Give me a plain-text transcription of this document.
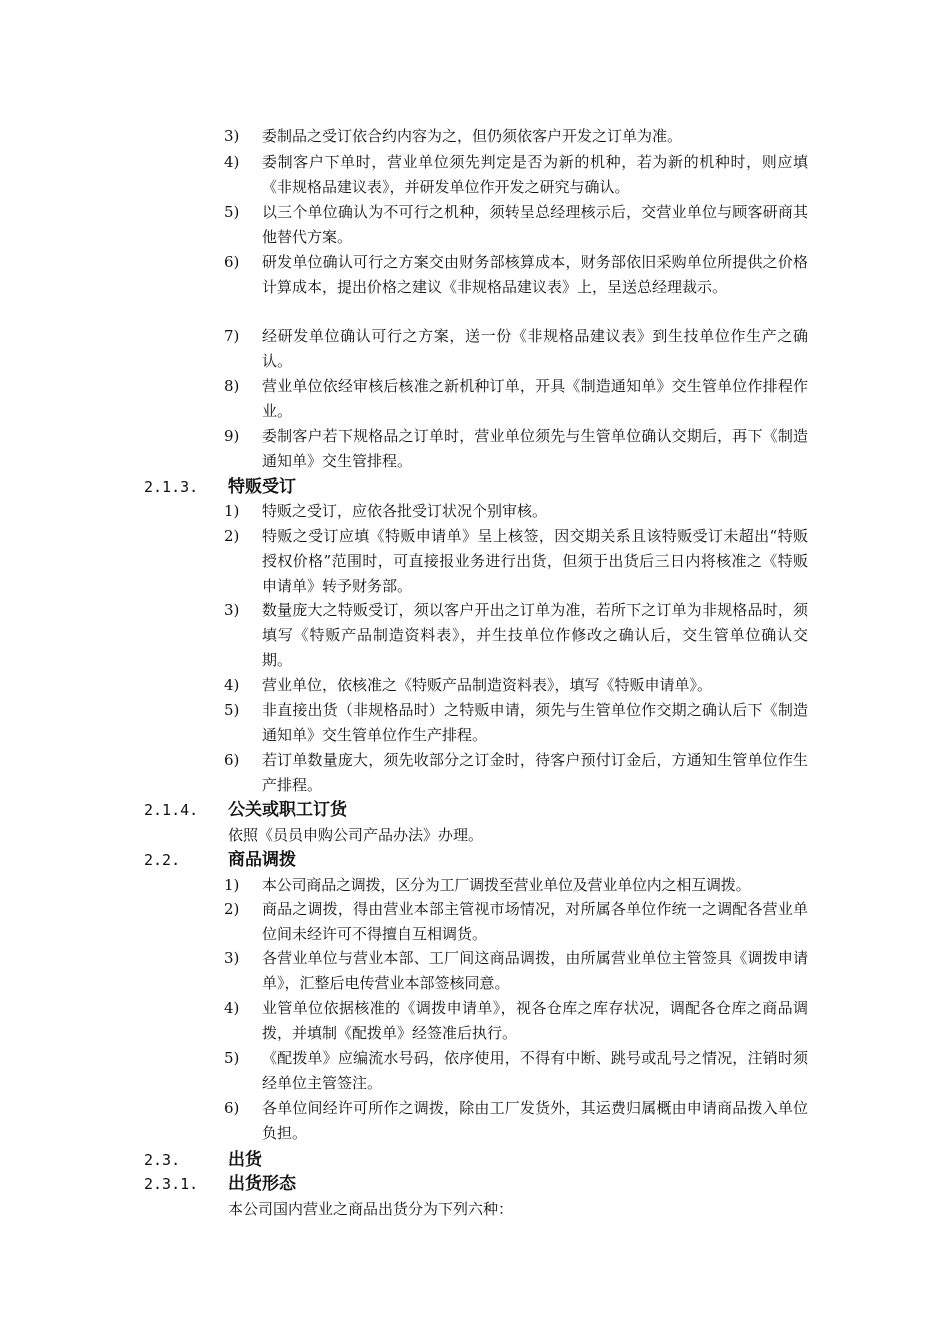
3)	委制品之受订依合约内容为之，但仍须依客户开发之订单为准。
4)	委制客户下单时，营业单位须先判定是否为新的机种，若为新的机种时，则应填《非规格品建议表》，并研发单位作开发之研究与确认。
5)	以三个单位确认为不可行之机种，须转呈总经理核示后，交营业单位与顾客研商其他替代方案。
6)	研发单位确认可行之方案交由财务部核算成本，财务部依旧采购单位所提供之价格计算成本，提出价格之建议《非规格品建议表》上，呈送总经理裁示。
7)	经研发单位确认可行之方案，送一份《非规格品建议表》到生技单位作生产之确认。
8)	营业单位依经审核后核准之新机种订单，开具《制造通知单》交生管单位作排程作业。
9)	委制客户若下规格品之订单时，营业单位须先与生管单位确认交期后，再下《制造通知单》交生管排程。
2.1.3. 特贩受订
1)	特贩之受订，应依各批受订状况个别审核。
2)	特贩之受订应填《特贩申请单》呈上核签，因交期关系且该特贩受订未超出“特贩授权价格”范围时，可直接报业务进行出货，但须于出货后三日内将核准之《特贩申请单》转予财务部。
3)	数量庞大之特贩受订，须以客户开出之订单为准，若所下之订单为非规格品时，须填写《特贩产品制造资料表》，并生技单位作修改之确认后，交生管单位确认交期。
4)	营业单位，依核准之《特贩产品制造资料表》，填写《特贩申请单》。
5)	非直接出货（非规格品时）之特贩申请，须先与生管单位作交期之确认后下《制造通知单》交生管单位作生产排程。
6)	若订单数量庞大，须先收部分之订金时，待客户预付订金后，方通知生管单位作生产排程。
2.1.4. 公关或职工订货
依照《员员申购公司产品办法》办理。
2.2.	商品调拨
1)	本公司商品之调拨，区分为工厂调拨至营业单位及营业单位内之相互调拨。
2)	商品之调拨，得由营业本部主管视市场情况，对所属各单位作统一之调配各营业单位间未经许可不得擅自互相调货。
3)	各营业单位与营业本部、工厂间这商品调拨，由所属营业单位主管签具《调拨申请单》，汇整后电传营业本部签核同意。
4)	业管单位依据核准的《调拨申请单》，视各仓库之库存状况，调配各仓库之商品调拨，并填制《配拨单》经签准后执行。
5)	《配拨单》应编流水号码，依序使用，不得有中断、跳号或乱号之情况，注销时须经单位主管签注。
6)	各单位间经许可所作之调拨，除由工厂发货外，其运费归属概由申请商品拨入单位负担。
2.3.	出货
2.3.1. 出货形态
本公司国内营业之商品出货分为下列六种：
